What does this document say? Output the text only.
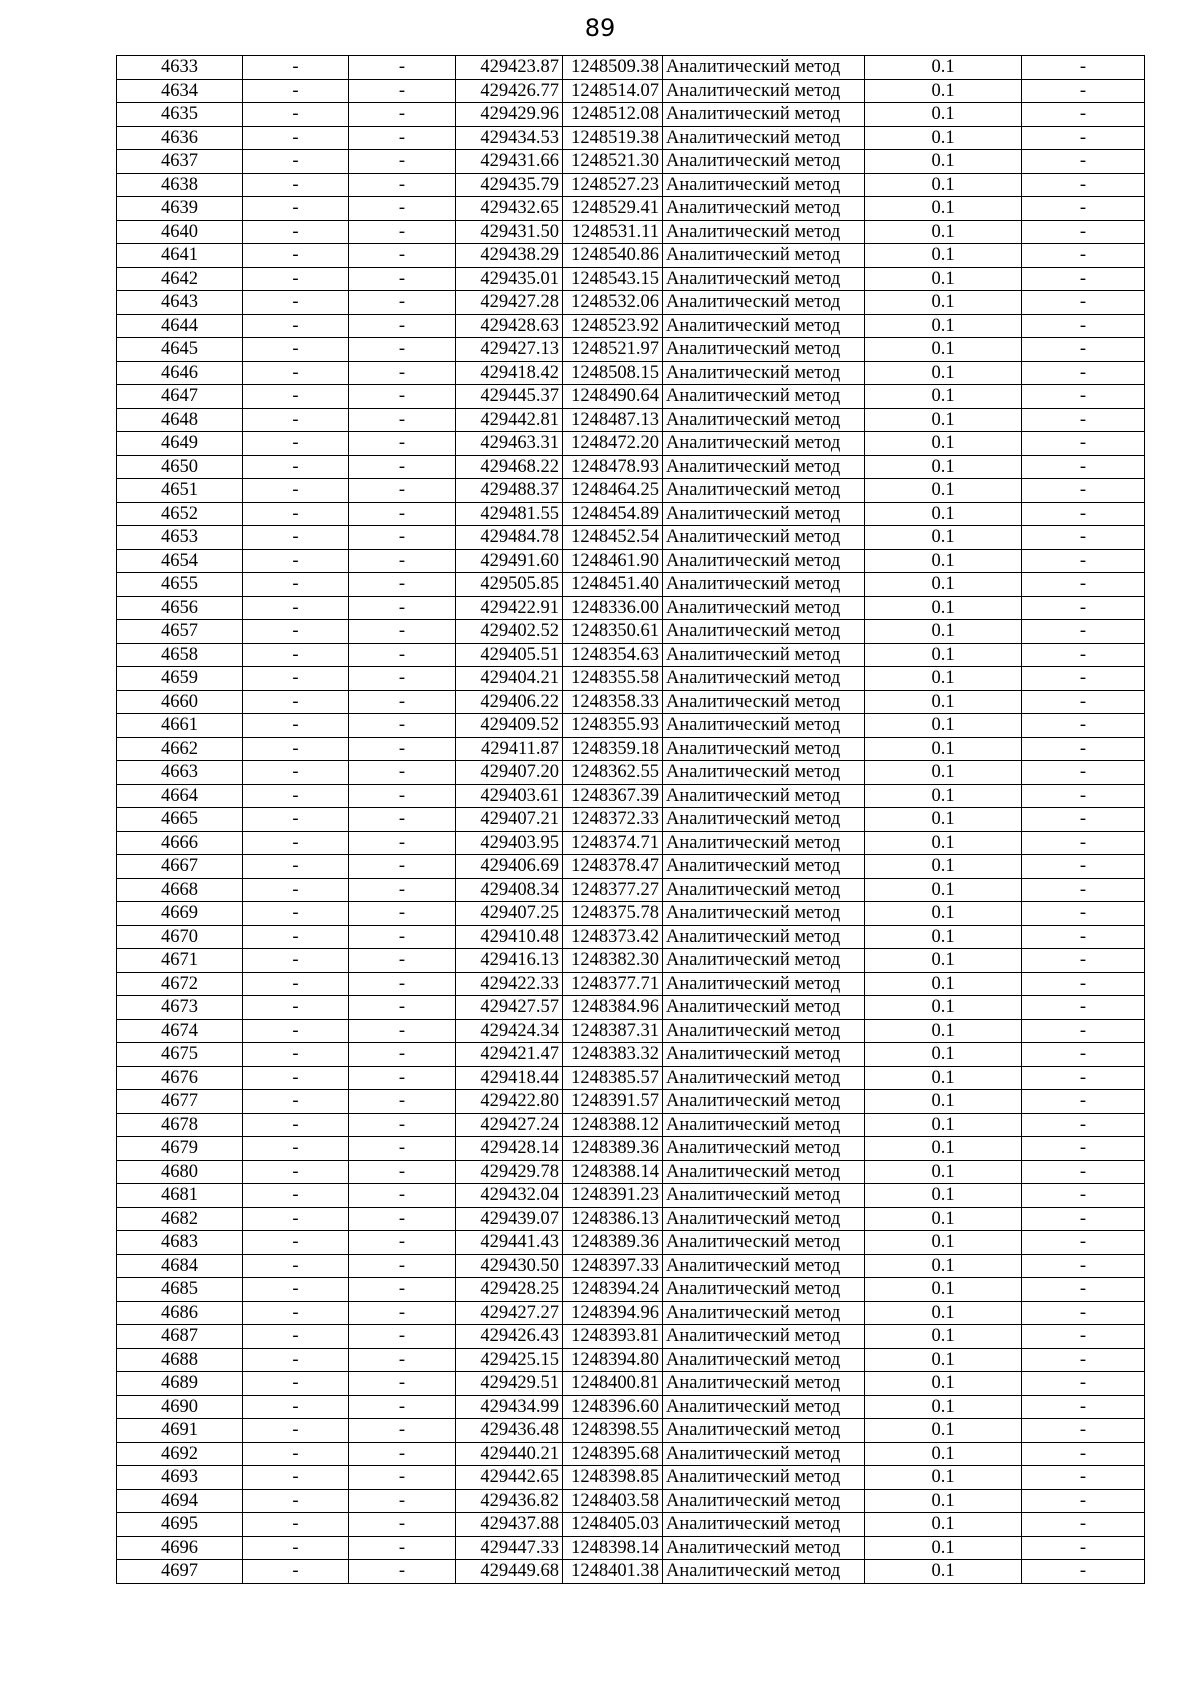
89
4633	-	-	429423.87	1248509.38	Аналитический метод	0.1	-
4634	-	-	429426.77	1248514.07	Аналитический метод	0.1	-
4635	-	-	429429.96	1248512.08	Аналитический метод	0.1	-
4636	-	-	429434.53	1248519.38	Аналитический метод	0.1	-
4637	-	-	429431.66	1248521.30	Аналитический метод	0.1	-
4638	-	-	429435.79	1248527.23	Аналитический метод	0.1	-
4639	-	-	429432.65	1248529.41	Аналитический метод	0.1	-
4640	-	-	429431.50	1248531.11	Аналитический метод	0.1	-
4641	-	-	429438.29	1248540.86	Аналитический метод	0.1	-
4642	-	-	429435.01	1248543.15	Аналитический метод	0.1	-
4643	-	-	429427.28	1248532.06	Аналитический метод	0.1	-
4644	-	-	429428.63	1248523.92	Аналитический метод	0.1	-
4645	-	-	429427.13	1248521.97	Аналитический метод	0.1	-
4646	-	-	429418.42	1248508.15	Аналитический метод	0.1	-
4647	-	-	429445.37	1248490.64	Аналитический метод	0.1	-
4648	-	-	429442.81	1248487.13	Аналитический метод	0.1	-
4649	-	-	429463.31	1248472.20	Аналитический метод	0.1	-
4650	-	-	429468.22	1248478.93	Аналитический метод	0.1	-
4651	-	-	429488.37	1248464.25	Аналитический метод	0.1	-
4652	-	-	429481.55	1248454.89	Аналитический метод	0.1	-
4653	-	-	429484.78	1248452.54	Аналитический метод	0.1	-
4654	-	-	429491.60	1248461.90	Аналитический метод	0.1	-
4655	-	-	429505.85	1248451.40	Аналитический метод	0.1	-
4656	-	-	429422.91	1248336.00	Аналитический метод	0.1	-
4657	-	-	429402.52	1248350.61	Аналитический метод	0.1	-
4658	-	-	429405.51	1248354.63	Аналитический метод	0.1	-
4659	-	-	429404.21	1248355.58	Аналитический метод	0.1	-
4660	-	-	429406.22	1248358.33	Аналитический метод	0.1	-
4661	-	-	429409.52	1248355.93	Аналитический метод	0.1	-
4662	-	-	429411.87	1248359.18	Аналитический метод	0.1	-
4663	-	-	429407.20	1248362.55	Аналитический метод	0.1	-
4664	-	-	429403.61	1248367.39	Аналитический метод	0.1	-
4665	-	-	429407.21	1248372.33	Аналитический метод	0.1	-
4666	-	-	429403.95	1248374.71	Аналитический метод	0.1	-
4667	-	-	429406.69	1248378.47	Аналитический метод	0.1	-
4668	-	-	429408.34	1248377.27	Аналитический метод	0.1	-
4669	-	-	429407.25	1248375.78	Аналитический метод	0.1	-
4670	-	-	429410.48	1248373.42	Аналитический метод	0.1	-
4671	-	-	429416.13	1248382.30	Аналитический метод	0.1	-
4672	-	-	429422.33	1248377.71	Аналитический метод	0.1	-
4673	-	-	429427.57	1248384.96	Аналитический метод	0.1	-
4674	-	-	429424.34	1248387.31	Аналитический метод	0.1	-
4675	-	-	429421.47	1248383.32	Аналитический метод	0.1	-
4676	-	-	429418.44	1248385.57	Аналитический метод	0.1	-
4677	-	-	429422.80	1248391.57	Аналитический метод	0.1	-
4678	-	-	429427.24	1248388.12	Аналитический метод	0.1	-
4679	-	-	429428.14	1248389.36	Аналитический метод	0.1	-
4680	-	-	429429.78	1248388.14	Аналитический метод	0.1	-
4681	-	-	429432.04	1248391.23	Аналитический метод	0.1	-
4682	-	-	429439.07	1248386.13	Аналитический метод	0.1	-
4683	-	-	429441.43	1248389.36	Аналитический метод	0.1	-
4684	-	-	429430.50	1248397.33	Аналитический метод	0.1	-
4685	-	-	429428.25	1248394.24	Аналитический метод	0.1	-
4686	-	-	429427.27	1248394.96	Аналитический метод	0.1	-
4687	-	-	429426.43	1248393.81	Аналитический метод	0.1	-
4688	-	-	429425.15	1248394.80	Аналитический метод	0.1	-
4689	-	-	429429.51	1248400.81	Аналитический метод	0.1	-
4690	-	-	429434.99	1248396.60	Аналитический метод	0.1	-
4691	-	-	429436.48	1248398.55	Аналитический метод	0.1	-
4692	-	-	429440.21	1248395.68	Аналитический метод	0.1	-
4693	-	-	429442.65	1248398.85	Аналитический метод	0.1	-
4694	-	-	429436.82	1248403.58	Аналитический метод	0.1	-
4695	-	-	429437.88	1248405.03	Аналитический метод	0.1	-
4696	-	-	429447.33	1248398.14	Аналитический метод	0.1	-
4697	-	-	429449.68	1248401.38	Аналитический метод	0.1	-
